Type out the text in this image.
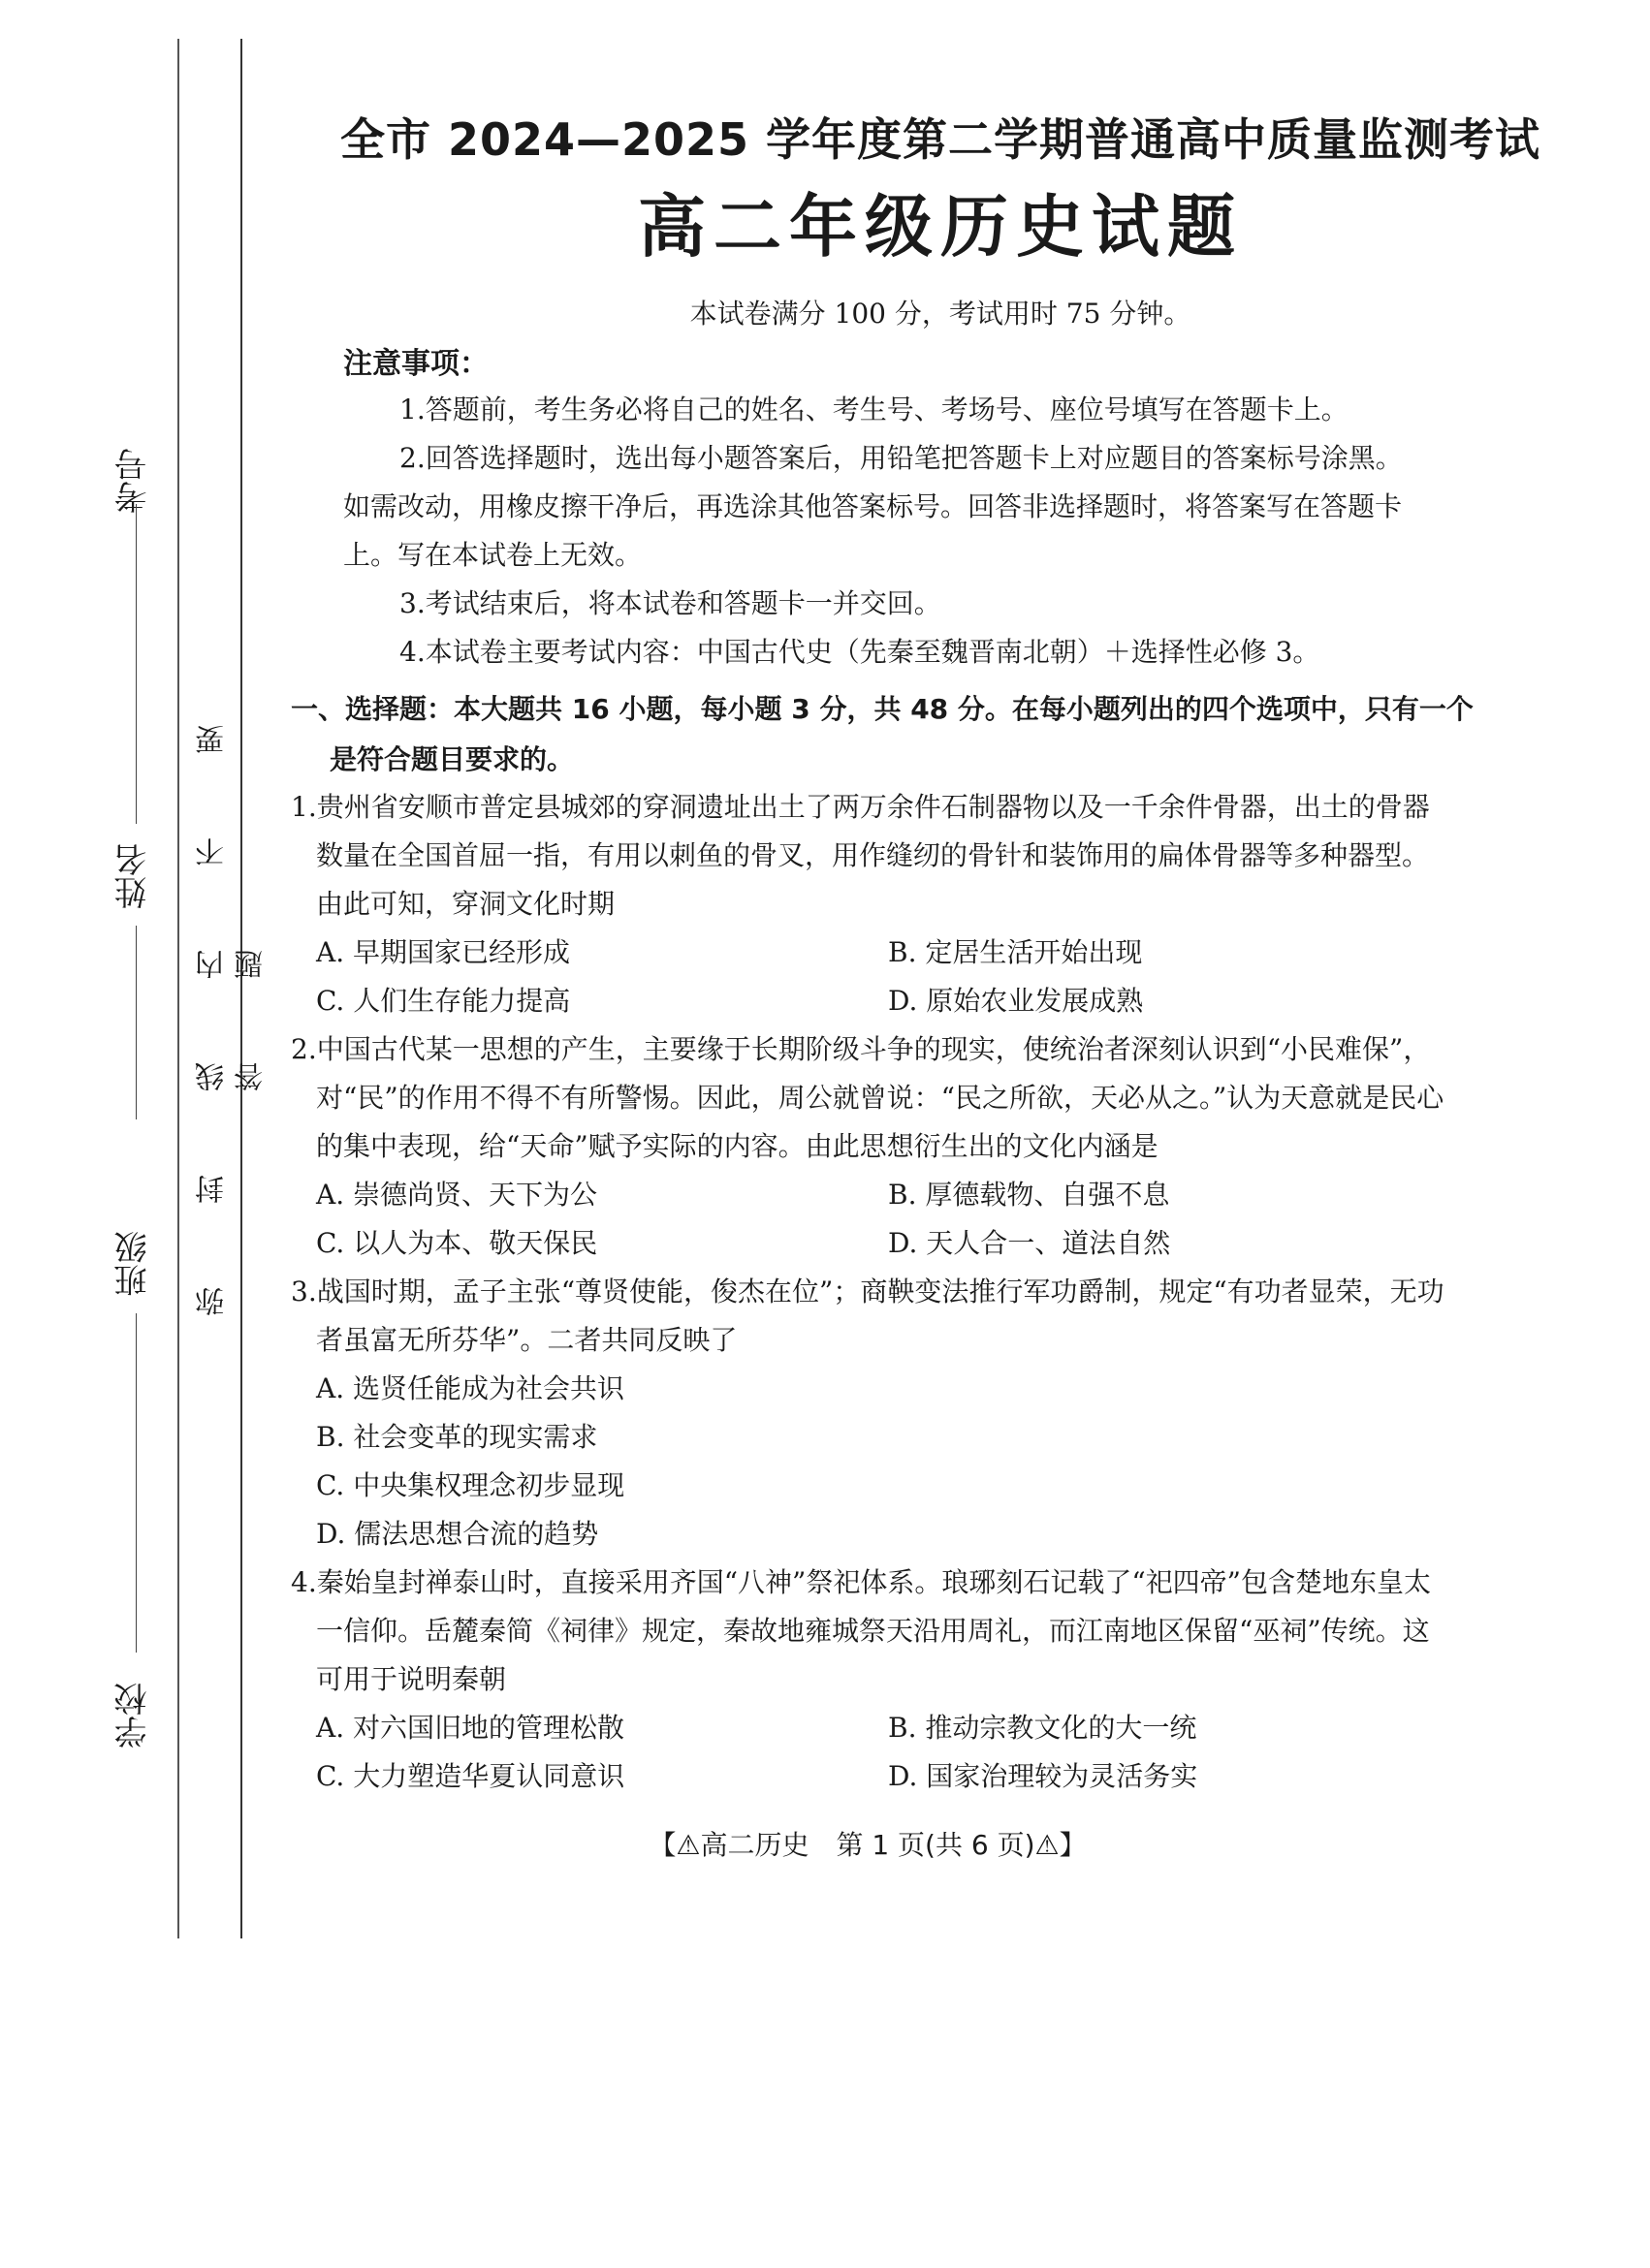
考号
姓名
班级
学校
弥封线内不要答题
全市 2024—2025 学年度第二学期普通高中质量监测考试
高二年级历史试题
本试卷满分 100 分，考试用时 75 分钟。
注意事项：

1.答题前，考生务必将自己的姓名、考生号、考场号、座位号填写在答题卡上。

2.回答选择题时，选出每小题答案后，用铅笔把答题卡上对应题目的答案标号涂黑。如需改动，用橡皮擦干净后，再选涂其他答案标号。回答非选择题时，将答案写在答题卡上。写在本试卷上无效。

3.考试结束后，将本试卷和答题卡一并交回。

4.本试卷主要考试内容：中国古代史（先秦至魏晋南北朝）＋选择性必修 3。

一、选择题：本大题共 16 小题，每小题 3 分，共 48 分。在每小题列出的四个选项中，只有一个是符合题目要求的。
1.贵州省安顺市普定县城郊的穿洞遗址出土了两万余件石制器物以及一千余件骨器，出土的骨器数量在全国首屈一指，有用以刺鱼的骨叉，用作缝纫的骨针和装饰用的扁体骨器等多种器型。由此可知，穿洞文化时期
A. 早期国家已经形成	B. 定居生活开始出现
C. 人们生存能力提高	D. 原始农业发展成熟
2.中国古代某一思想的产生，主要缘于长期阶级斗争的现实，使统治者深刻认识到“小民难保”，对“民”的作用不得不有所警惕。因此，周公就曾说：“民之所欲，天必从之。”认为天意就是民心的集中表现，给“天命”赋予实际的内容。由此思想衍生出的文化内涵是
A. 崇德尚贤、天下为公	B. 厚德载物、自强不息
C. 以人为本、敬天保民	D. 天人合一、道法自然
3.战国时期，孟子主张“尊贤使能，俊杰在位”；商鞅变法推行军功爵制，规定“有功者显荣，无功者虽富无所芬华”。二者共同反映了
A. 选贤任能成为社会共识
B. 社会变革的现实需求
C. 中央集权理念初步显现
D. 儒法思想合流的趋势
4.秦始皇封禅泰山时，直接采用齐国“八神”祭祀体系。琅琊刻石记载了“祀四帝”包含楚地东皇太一信仰。岳麓秦简《祠律》规定，秦故地雍城祭天沿用周礼，而江南地区保留“巫祠”传统。这可用于说明秦朝
A. 对六国旧地的管理松散	B. 推动宗教文化的大一统
C. 大力塑造华夏认同意识	D. 国家治理较为灵活务实
【⚠高二历史　第 1 页(共 6 页)⚠】
